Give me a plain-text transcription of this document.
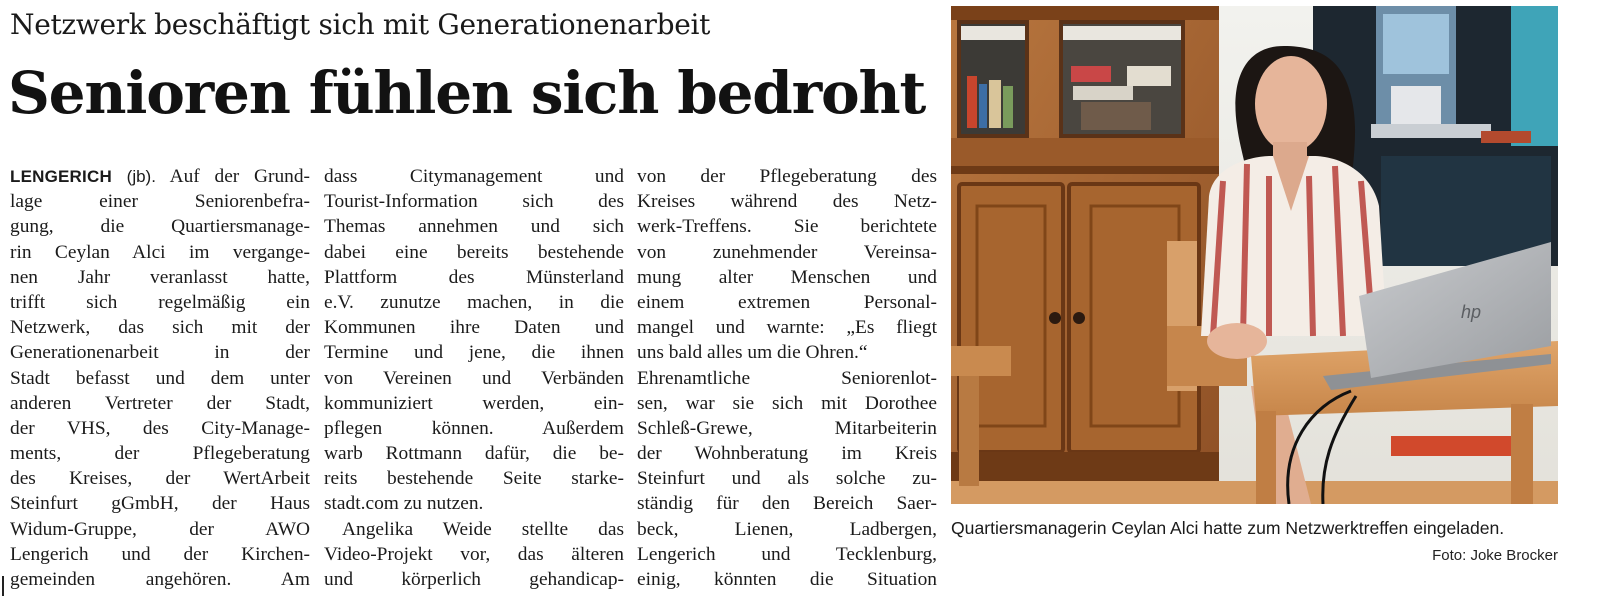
Netzwerk beschäftigt sich mit Generationenarbeit
Senioren fühlen sich bedroht
LENGERICH (jb). Auf der Grund-
lage einer Seniorenbefra-
gung, die Quartiersmanage-
rin Ceylan Alci im vergange-
nen Jahr veranlasst hatte,
trifft sich regelmäßig ein
Netzwerk, das sich mit der
Generationenarbeit in der
Stadt befasst und dem unter
anderen Vertreter der Stadt,
der VHS, des City-Manage-
ments, der Pflegeberatung
des Kreises, der WertArbeit
Steinfurt gGmbH, der Haus
Widum-Gruppe, der AWO
Lengerich und der Kirchen-
gemeinden angehören. Am
dass Citymanagement und
Tourist-Information sich des
Themas annehmen und sich
dabei eine bereits bestehende
Plattform des Münsterland
e.V. zunutze machen, in die
Kommunen ihre Daten und
Termine und jene, die ihnen
von Vereinen und Verbänden
kommuniziert werden, ein-
pflegen können. Außerdem
warb Rottmann dafür, die be-
reits bestehende Seite starke-
stadt.com zu nutzen.
Angelika Weide stellte das
Video-Projekt vor, das älteren
und körperlich gehandicap-
von der Pflegeberatung des
Kreises während des Netz-
werk-Treffens. Sie berichtete
von zunehmender Vereinsa-
mung alter Menschen und
einem extremen Personal-
mangel und warnte: „Es fliegt
uns bald alles um die Ohren.“
Ehrenamtliche Seniorenlot-
sen, war sie sich mit Dorothee
Schleß-Grewe, Mitarbeiterin
der Wohnberatung im Kreis
Steinfurt und als solche zu-
ständig für den Bereich Saer-
beck, Lienen, Ladbergen,
Lengerich und Tecklenburg,
einig, könnten die Situation
hp
Quartiersmanagerin Ceylan Alci hatte zum Netzwerktreffen eingeladen.
Foto: Joke Brocker
